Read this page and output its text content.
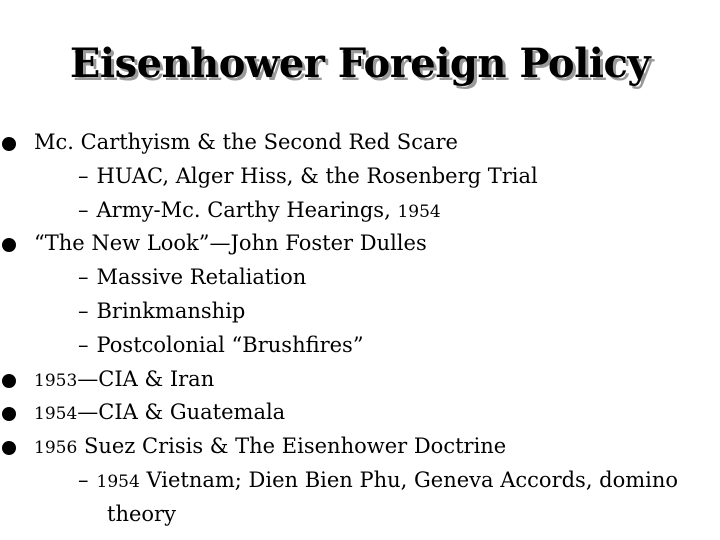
Eisenhower Foreign Policy
Mc. Carthyism & the Second Red Scare
– HUAC, Alger Hiss, & the Rosenberg Trial
– Army-Mc. Carthy Hearings, 1954
“The New Look”—John Foster Dulles
– Massive Retaliation
– Brinkmanship
– Postcolonial “Brushfires”
1953—CIA & Iran
1954—CIA & Guatemala
1956 Suez Crisis & The Eisenhower Doctrine
– 1954 Vietnam; Dien Bien Phu, Geneva Accords, domino
theory
